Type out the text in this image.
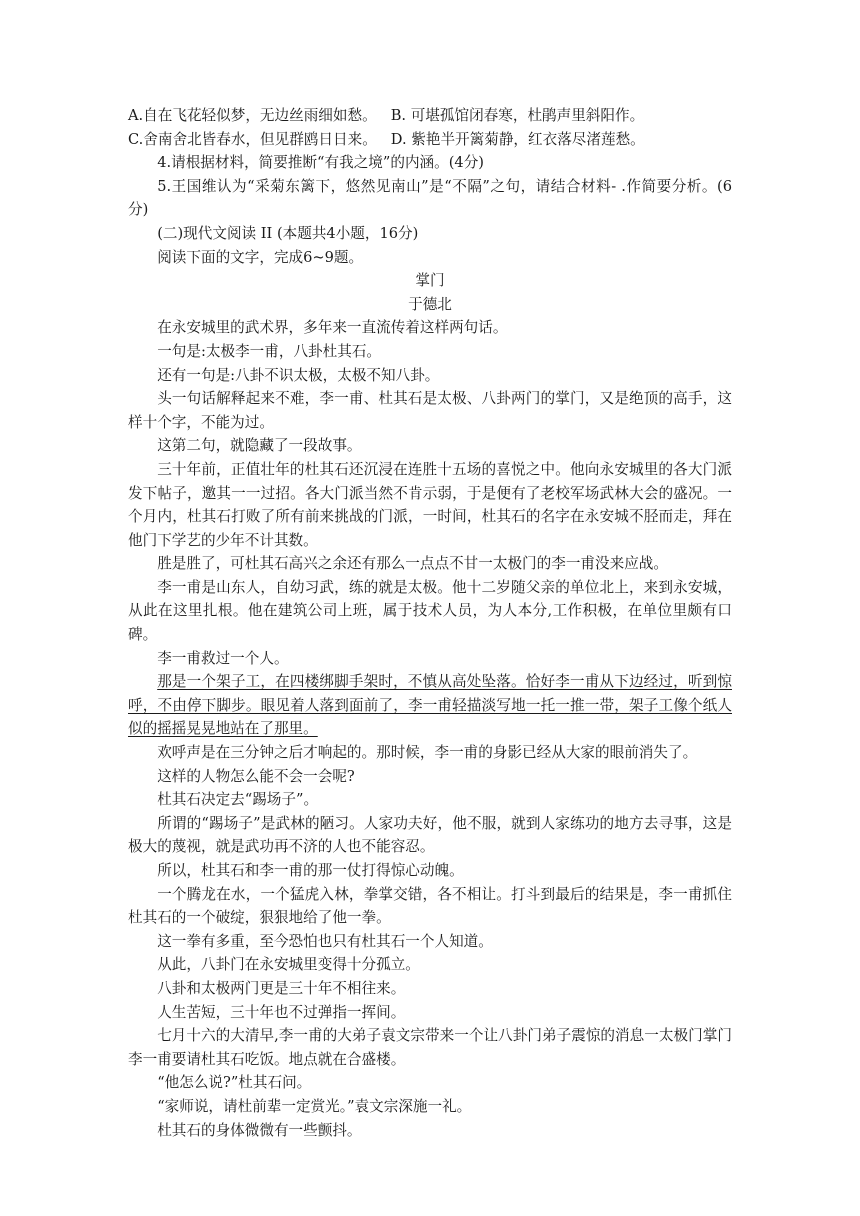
A.自在飞花轻似梦，无边丝雨细如愁。 B. 可堪孤馆闭春寒，杜鹃声里斜阳作。
C.舍南舍北皆春水，但见群鸥日日来。 D. 紫艳半开篱菊静，红衣落尽渚莲愁。

4.请根据材料，简要推断“有我之境”的内涵。(4分)

5.王国维认为“采菊东篱下，悠然见南山”是“不隔”之句，请结合材料- .作简要分析。(6分)

(二)现代文阅读 II (本题共4小题，16分)

阅读下面的文字，完成6~9题。

掌门

于德北

在永安城里的武术界，多年来一直流传着这样两句话。

一句是:太极李一甫，八卦杜其石。

还有一句是:八卦不识太极，太极不知八卦。

头一句话解释起来不难，李一甫、杜其石是太极、八卦两门的掌门，又是绝顶的高手，这样十个字，不能为过。

这第二句，就隐藏了一段故事。

三十年前，正值壮年的杜其石还沉浸在连胜十五场的喜悦之中。他向永安城里的各大门派发下帖子，邀其一一过招。各大门派当然不肯示弱，于是便有了老校军场武林大会的盛况。一个月内，杜其石打败了所有前来挑战的门派，一时间，杜其石的名字在永安城不胫而走，拜在他门下学艺的少年不计其数。

胜是胜了，可杜其石高兴之余还有那么一点点不甘一太极门的李一甫没来应战。

李一甫是山东人，自幼习武，练的就是太极。他十二岁随父亲的单位北上，来到永安城，从此在这里扎根。他在建筑公司上班，属于技术人员，为人本分,工作积极，在单位里颇有口碑。

李一甫救过一个人。

那是一个架子工，在四楼绑脚手架时，不慎从高处坠落。恰好李一甫从下边经过，听到惊呼，不由停下脚步。眼见着人落到面前了，李一甫轻描淡写地一托一推一带，架子工像个纸人似的摇摇晃晃地站在了那里。

欢呼声是在三分钟之后才响起的。那时候，李一甫的身影已经从大家的眼前消失了。

这样的人物怎么能不会一会呢?

杜其石决定去“踢场子”。

所谓的“踢场子”是武林的陋习。人家功夫好，他不服，就到人家练功的地方去寻事，这是极大的蔑视，就是武功再不济的人也不能容忍。

所以，杜其石和李一甫的那一仗打得惊心动魄。

一个腾龙在水，一个猛虎入林，拳掌交错，各不相让。打斗到最后的结果是，李一甫抓住杜其石的一个破绽，狠狠地给了他一拳。

这一拳有多重，至今恐怕也只有杜其石一个人知道。

从此，八卦门在永安城里变得十分孤立。

八卦和太极两门更是三十年不相往来。

人生苦短，三十年也不过弹指一挥间。

七月十六的大清早,李一甫的大弟子袁文宗带来一个让八卦门弟子震惊的消息一太极门掌门李一甫要请杜其石吃饭。地点就在合盛楼。

“他怎么说?”杜其石问。

“家师说，请杜前辈一定赏光。”袁文宗深施一礼。

杜其石的身体微微有一些颤抖。
